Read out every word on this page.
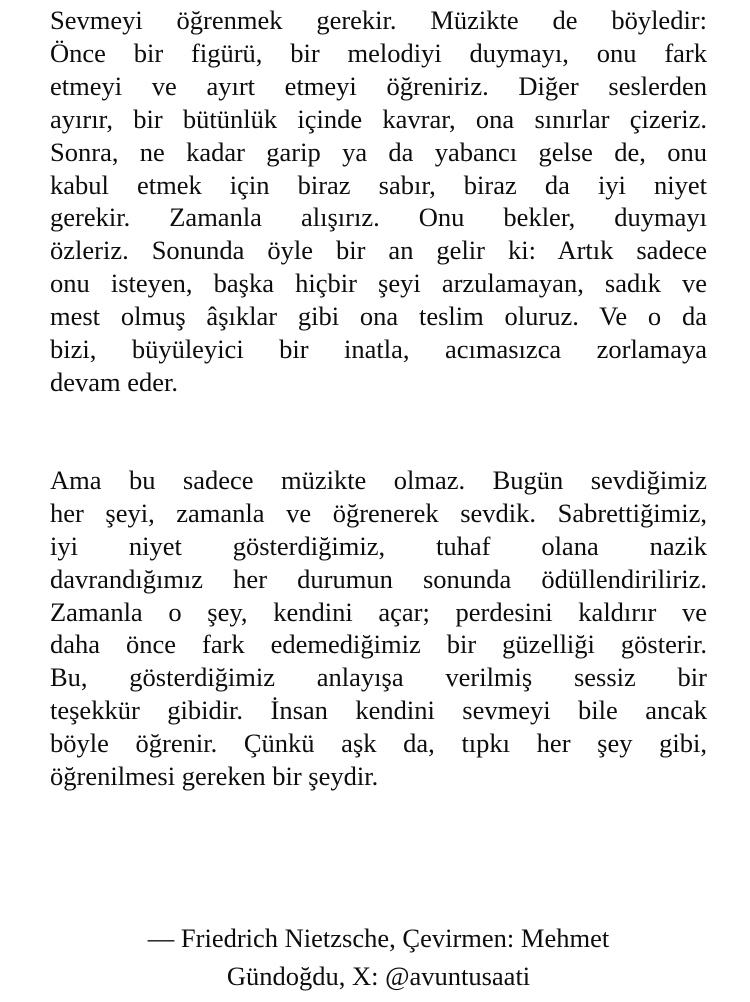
Sevmeyi öğrenmek gerekir. Müzikte de böyledir:
Önce bir figürü, bir melodiyi duymayı, onu fark
etmeyi ve ayırt etmeyi öğreniriz. Diğer seslerden
ayırır, bir bütünlük içinde kavrar, ona sınırlar çizeriz.
Sonra, ne kadar garip ya da yabancı gelse de, onu
kabul etmek için biraz sabır, biraz da iyi niyet
gerekir. Zamanla alışırız. Onu bekler, duymayı
özleriz. Sonunda öyle bir an gelir ki: Artık sadece
onu isteyen, başka hiçbir şeyi arzulamayan, sadık ve
mest olmuş âşıklar gibi ona teslim oluruz. Ve o da
bizi, büyüleyici bir inatla, acımasızca zorlamaya
devam eder.

Ama bu sadece müzikte olmaz. Bugün sevdiğimiz
her şeyi, zamanla ve öğrenerek sevdik. Sabrettiğimiz,
iyi niyet gösterdiğimiz, tuhaf olana nazik
davrandığımız her durumun sonunda ödüllendiriliriz.
Zamanla o şey, kendini açar; perdesini kaldırır ve
daha önce fark edemediğimiz bir güzelliği gösterir.
Bu, gösterdiğimiz anlayışa verilmiş sessiz bir
teşekkür gibidir. İnsan kendini sevmeyi bile ancak
böyle öğrenir. Çünkü aşk da, tıpkı her şey gibi,
öğrenilmesi gereken bir şeydir.

— Friedrich Nietzsche, Çevirmen: Mehmet
Gündoğdu, X: @avuntusaati
